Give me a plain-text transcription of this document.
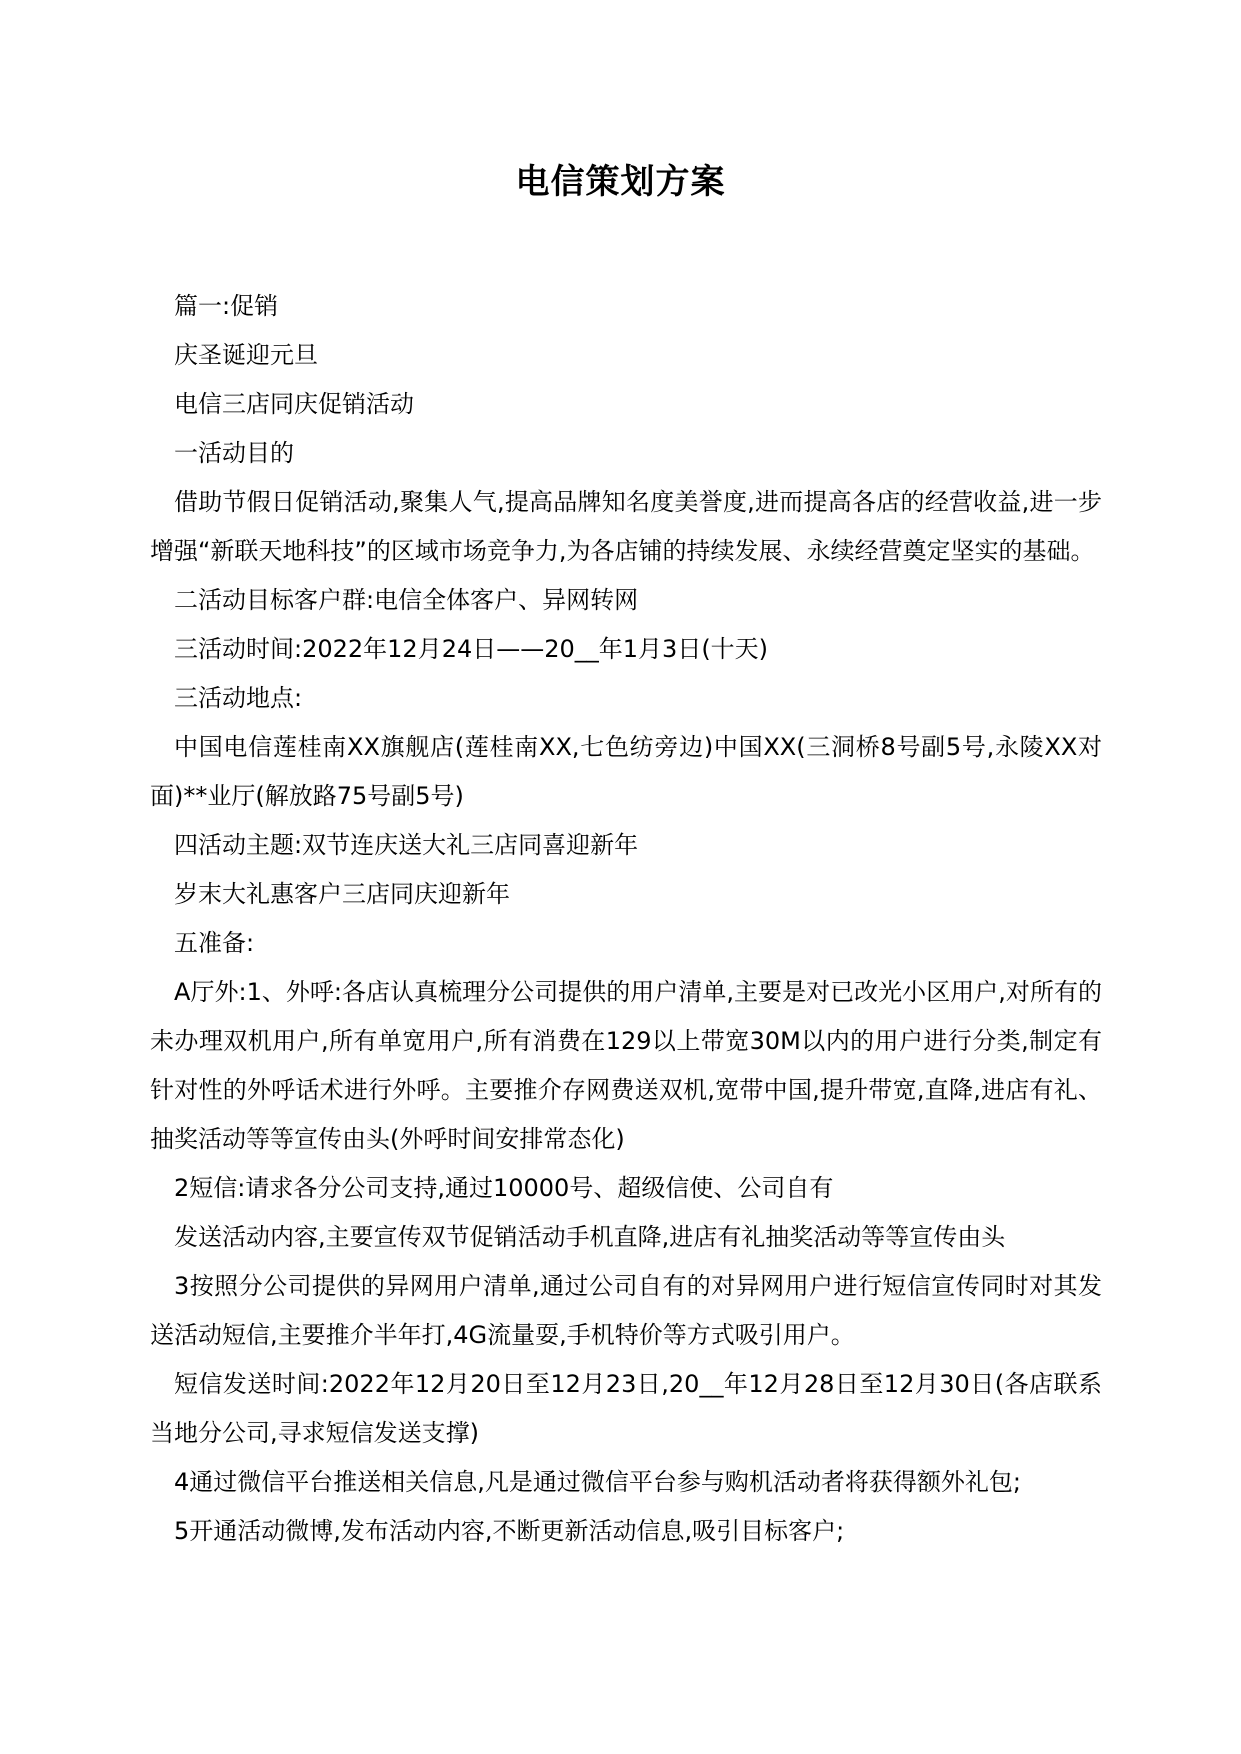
电信策划方案

篇一:促销

庆圣诞迎元旦

电信三店同庆促销活动

一活动目的

借助节假日促销活动,聚集人气,提高品牌知名度美誉度,进而提高各店的经营收益,进一步增强“新联天地科技”的区域市场竞争力,为各店铺的持续发展、永续经营奠定坚实的基础。

二活动目标客户群:电信全体客户、异网转网

三活动时间:2022年12月24日——20__年1月3日(十天)

三活动地点:

中国电信莲桂南XX旗舰店(莲桂南XX,七色纺旁边)中国XX(三洞桥8号副5号,永陵XX对面)**业厅(解放路75号副5号)

四活动主题:双节连庆送大礼三店同喜迎新年

岁末大礼惠客户三店同庆迎新年

五准备:

A厅外:1、外呼:各店认真梳理分公司提供的用户清单,主要是对已改光小区用户,对所有的未办理双机用户,所有单宽用户,所有消费在129以上带宽30M以内的用户进行分类,制定有针对性的外呼话术进行外呼。主要推介存网费送双机,宽带中国,提升带宽,直降,进店有礼、抽奖活动等等宣传由头(外呼时间安排常态化)

2短信:请求各分公司支持,通过10000号、超级信使、公司自有

发送活动内容,主要宣传双节促销活动手机直降,进店有礼抽奖活动等等宣传由头

3按照分公司提供的异网用户清单,通过公司自有的对异网用户进行短信宣传同时对其发送活动短信,主要推介半年打,4G流量耍,手机特价等方式吸引用户。

短信发送时间:2022年12月20日至12月23日,20__年12月28日至12月30日(各店联系当地分公司,寻求短信发送支撑)

4通过微信平台推送相关信息,凡是通过微信平台参与购机活动者将获得额外礼包;

5开通活动微博,发布活动内容,不断更新活动信息,吸引目标客户;
